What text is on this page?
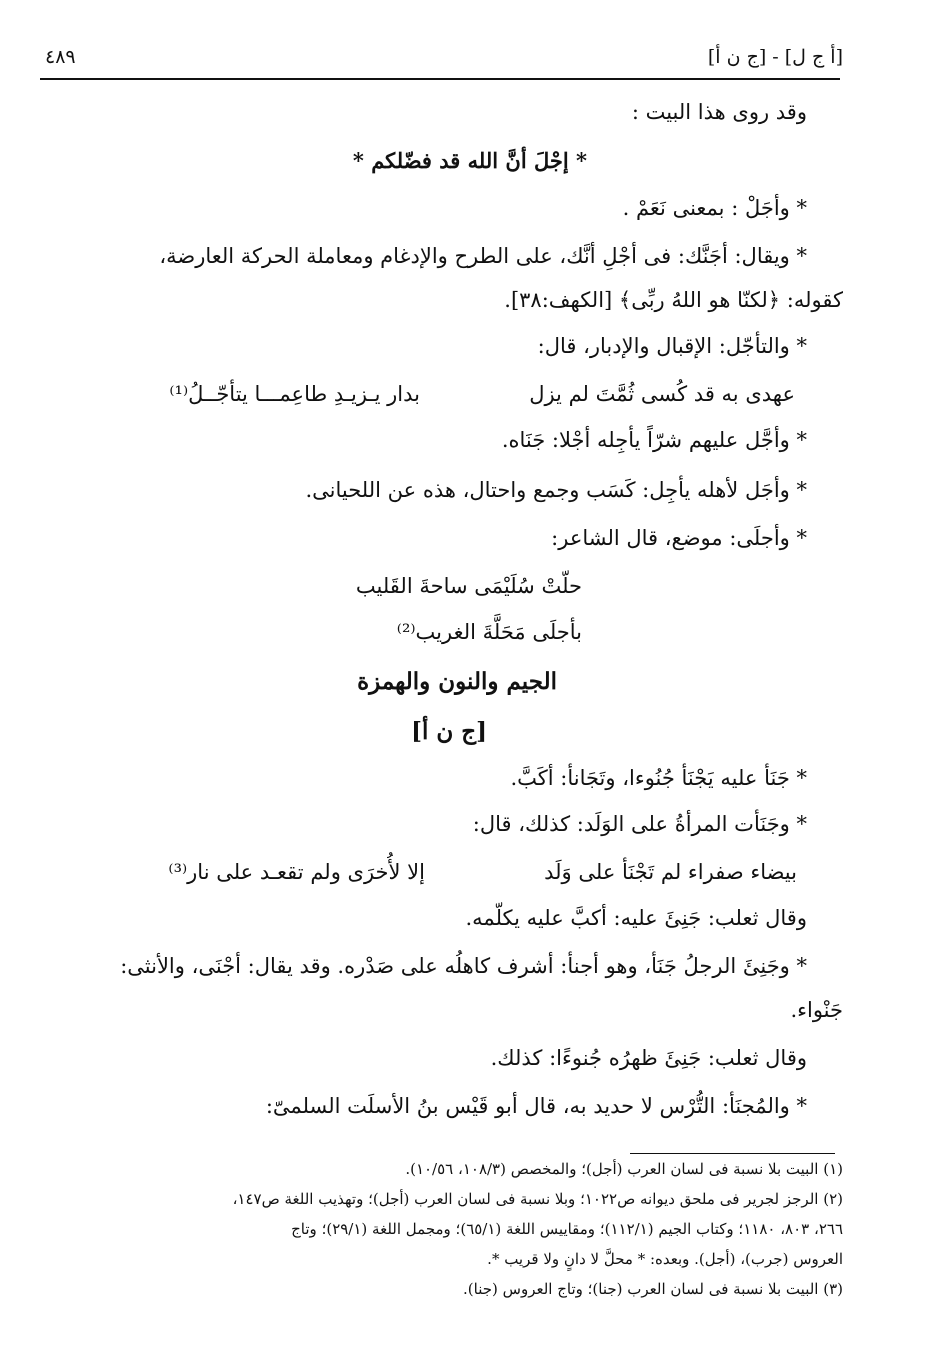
[أ ج ل] - [ج ن أ]
٤٨٩
وقد روى هذا البيت :
* إجْلَ أنَّ الله قد فضّلكم *
* وأجَلْ : بمعنى نَعَمْ .
* ويقال: أجَنَّك: فى أجْلِ أنَّك، على الطرح والإدغام ومعاملة الحركة العارضة،
كقوله: ﴿لكنّا هو اللهُ ربِّى﴾ [الكهف:٣٨].
* والتأجّل: الإقبال والإدبار، قال:
عهدى به قد كُسى ثُمَّتَ لم يزل
بدار يـزيـدِ طاعِمـــا يتأجّــلُ⁽¹⁾
* وأجَّل عليهم شرّاً يأجِله أجْلا: جَنَاه.
* وأجَل لأهله يأجِل: كَسَب وجمع واحتال، هذه عن اللحيانى.
* وأجلَى: موضع، قال الشاعر:
حلّتْ سُلَيْمَى ساحةَ القَليب
بأجلَى مَحَلَّةَ الغريب⁽²⁾
الجيم والنون والهمزة
[ج ن أ]
* جَنَأ عليه يَجْنَأ جُنُوءا، وتَجَانأ: أكَبَّ.
* وجَنَأت المرأةُ على الوَلَد: كذلك، قال:
بيضاء صفراء لم تَجْنَأ على وَلَد
إلا لأُخرَى ولم تقعـد على نار⁽³⁾
وقال ثعلب: جَنِئَ عليه: أكبَّ عليه يكلّمه.
* وجَنِئَ الرجلُ جَنَأ، وهو أجنأ: أشرف كاهلُه على صَدْره. وقد يقال: أجْنَى، والأنثى:
جَنْواء.
وقال ثعلب: جَنِئَ ظهرُه جُنوءًا: كذلك.
* والمُجنَأ: التُّرْس لا حديد به، قال أبو قَيْس بنُ الأسلَت السلمىّ:
(١) البيت بلا نسبة فى لسان العرب (أجل)؛ والمخصص (١٠٨/٣، ١٠/٥٦).
(٢) الرجز لجرير فى ملحق ديوانه ص١٠٢٢؛ وبلا نسبة فى لسان العرب (أجل)؛ وتهذيب اللغة ص١٤٧،
٢٦٦، ٨٠٣، ١١٨٠؛ وكتاب الجيم (١١٢/١)؛ ومقاييس اللغة (٦٥/١)؛ ومجمل اللغة (٢٩/١)؛ وتاج
العروس (جرب)، (أجل). وبعده: * محلَّ لا دانٍ ولا قريب *.
(٣) البيت بلا نسبة فى لسان العرب (جنا)؛ وتاج العروس (جنا).
